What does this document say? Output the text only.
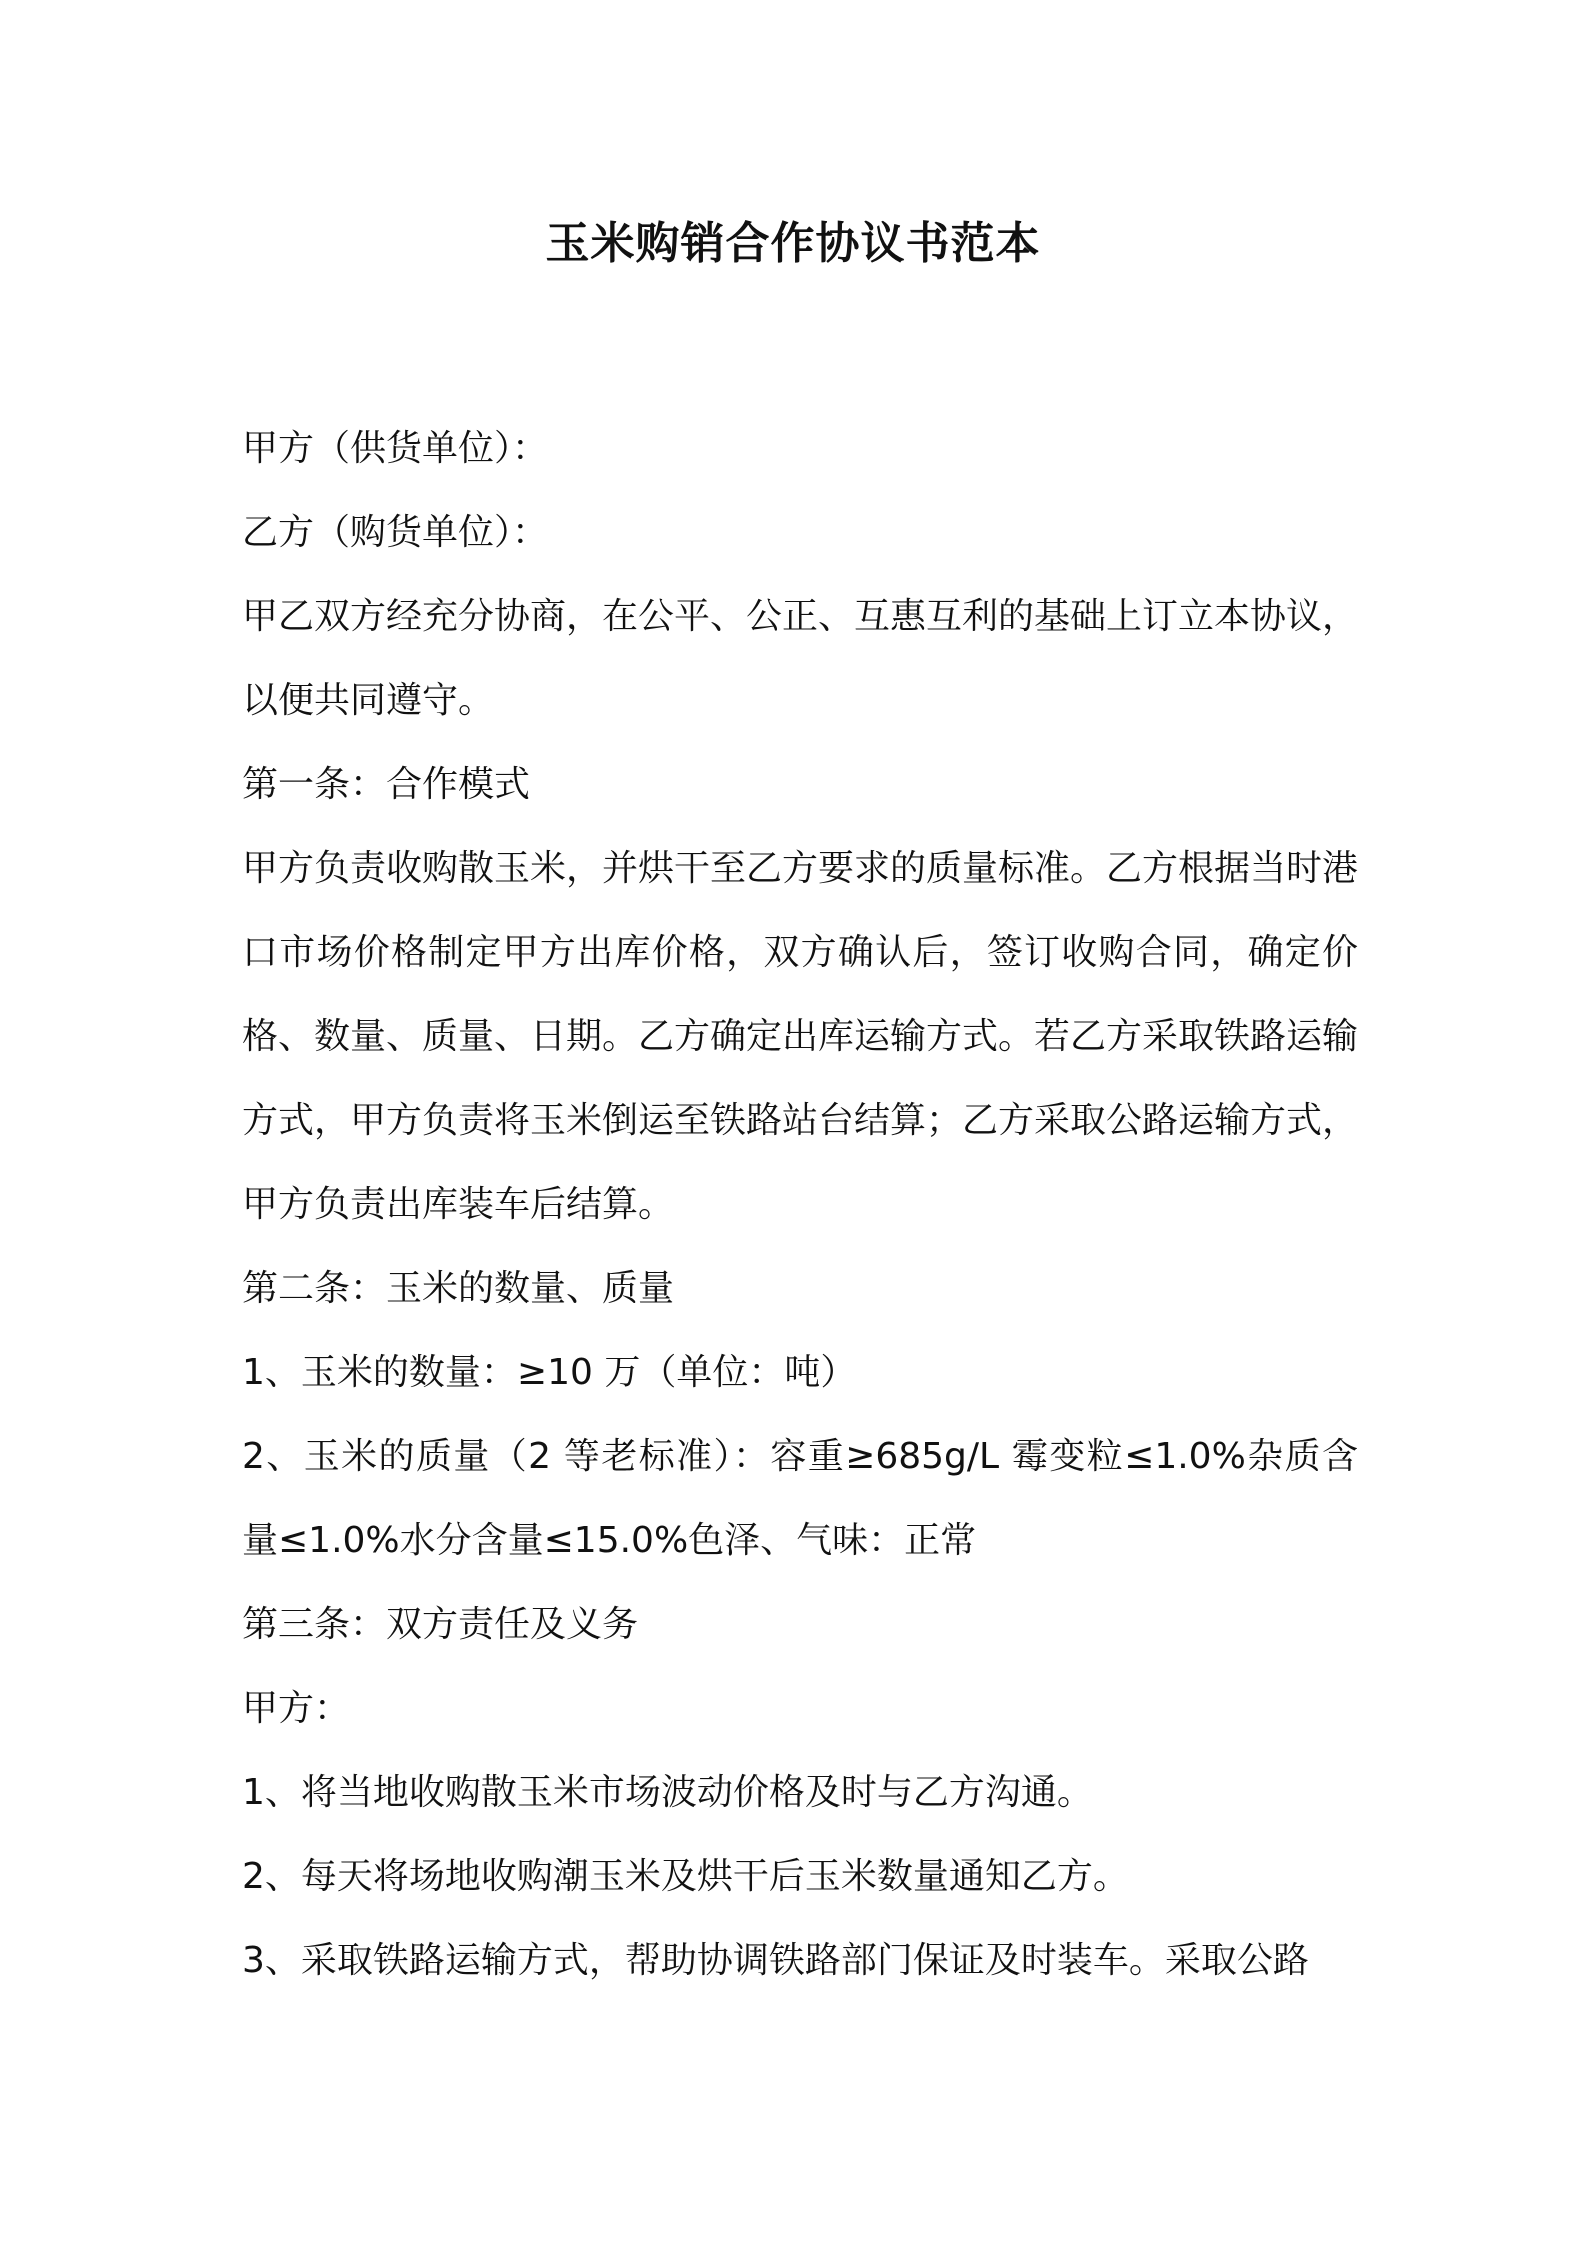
玉米购销合作协议书范本

甲方（供货单位）：

乙方（购货单位）：

甲乙双方经充分协商，在公平、公正、互惠互利的基础上订立本协议，以便共同遵守。

第一条：合作模式

甲方负责收购散玉米，并烘干至乙方要求的质量标准。乙方根据当时港口市场价格制定甲方出库价格，双方确认后，签订收购合同，确定价格、数量、质量、日期。乙方确定出库运输方式。若乙方采取铁路运输方式，甲方负责将玉米倒运至铁路站台结算；乙方采取公路运输方式，甲方负责出库装车后结算。

第二条：玉米的数量、质量

1、玉米的数量：≥10 万（单位：吨）

2、玉米的质量（2 等老标准）：容重≥685g/L 霉变粒≤1.0%杂质含量≤1.0%水分含量≤15.0%色泽、气味：正常

第三条：双方责任及义务

甲方：

1、将当地收购散玉米市场波动价格及时与乙方沟通。

2、每天将场地收购潮玉米及烘干后玉米数量通知乙方。

3、采取铁路运输方式，帮助协调铁路部门保证及时装车。采取公路
